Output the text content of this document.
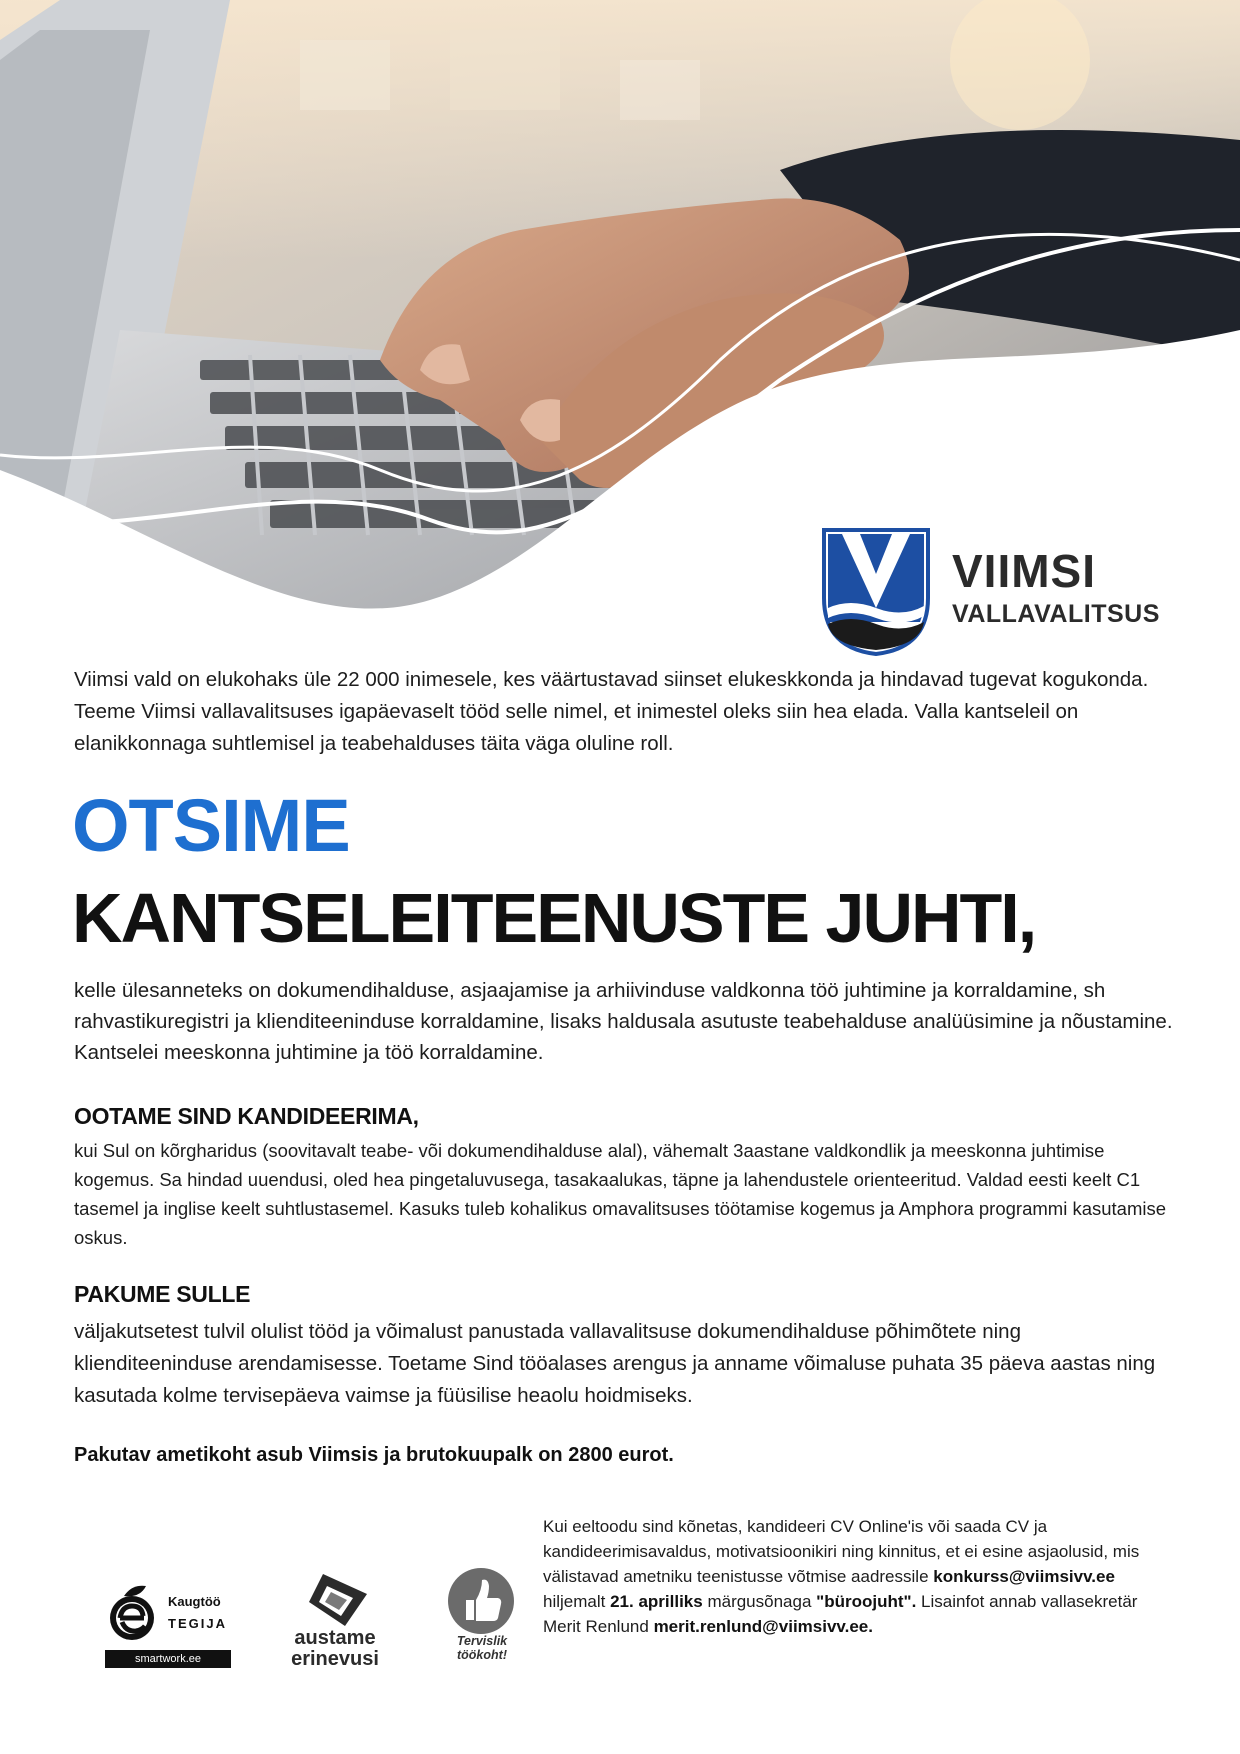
VIIMSI
VALLAVALITSUS

Viimsi vald on elukohaks üle 22 000 inimesele, kes väärtustavad siinset elukeskkonda ja hindavad tugevat kogukonda. Teeme Viimsi vallavalitsuses igapäevaselt tööd selle nimel, et inimestel oleks siin hea elada. Valla kantseleil on elanikkonnaga suhtlemisel ja teabehalduses täita väga oluline roll.

OTSIME
KANTSELEITEENUSTE JUHTI,

kelle ülesanneteks on dokumendihalduse, asjaajamise ja arhiivinduse valdkonna töö juhtimine ja korraldamine, sh rahvastikuregistri ja klienditeeninduse korraldamine, lisaks haldusala asutuste teabehalduse analüüsimine ja nõustamine. Kantselei meeskonna juhtimine ja töö korraldamine.

OOTAME SIND KANDIDEERIMA,

kui Sul on kõrgharidus (soovitavalt teabe- või dokumendihalduse alal), vähemalt 3aastane valdkondlik ja meeskonna juhtimise kogemus. Sa hindad uuendusi, oled hea pingetaluvusega, tasakaalukas, täpne ja lahendustele orienteeritud. Valdad eesti keelt C1 tasemel ja inglise keelt suhtlustasemel. Kasuks tuleb kohalikus omavalitsuses töötamise kogemus ja Amphora programmi kasutamise oskus.

PAKUME SULLE

väljakutsetest tulvil olulist tööd ja võimalust panustada vallavalitsuse dokumendihalduse põhimõtete ning klienditeeninduse arendamisesse. Toetame Sind tööalases arengus ja anname võimaluse puhata 35 päeva aastas ning kasutada kolme tervisepäeva vaimse ja füüsilise heaolu hoidmiseks.

Pakutav ametikoht asub Viimsis ja brutokuupalk on 2800 eurot.

Kui eeltoodu sind kõnetas, kandideeri CV Online'is või saada CV ja kandideerimisavaldus, motivatsioonikiri ning kinnitus, et ei esine asjaolusid, mis välistavad ametniku teenistusse võtmise aadressile konkurss@viimsivv.ee hiljemalt 21. aprilliks märgusõnaga "büroojuht". Lisainfot annab vallasekretär Merit Renlund merit.renlund@viimsivv.ee.

Kaugtöö
TEGIJA
smartwork.ee
austame
erinevusi
Tervislik
töökoht!
